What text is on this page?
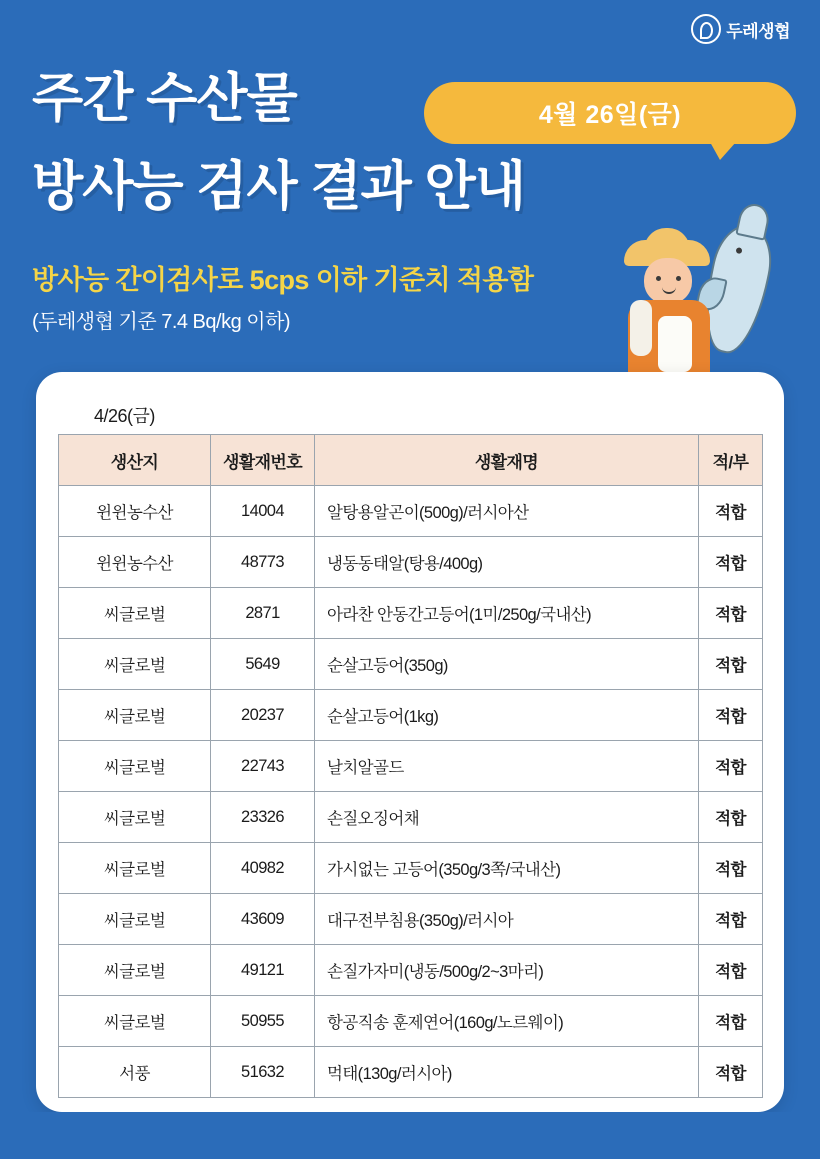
두레생협
주간 수산물
방사능 검사 결과 안내
4월 26일(금)
방사능 간이검사로 5cps 이하 기준치 적용함
(두레생협 기준 7.4 Bq/kg 이하)
4/26(금)
생산지	생활재번호	생활재명	적/부
윈윈농수산	14004	알탕용알곤이(500g)/러시아산	적합
윈윈농수산	48773	냉동동태알(탕용/400g)	적합
씨글로벌	2871	아라찬 안동간고등어(1미/250g/국내산)	적합
씨글로벌	5649	순살고등어(350g)	적합
씨글로벌	20237	순살고등어(1kg)	적합
씨글로벌	22743	날치알골드	적합
씨글로벌	23326	손질오징어채	적합
씨글로벌	40982	가시없는 고등어(350g/3쪽/국내산)	적합
씨글로벌	43609	대구전부침용(350g)/러시아	적합
씨글로벌	49121	손질가자미(냉동/500g/2~3마리)	적합
씨글로벌	50955	항공직송 훈제연어(160g/노르웨이)	적합
서풍	51632	먹태(130g/러시아)	적합
